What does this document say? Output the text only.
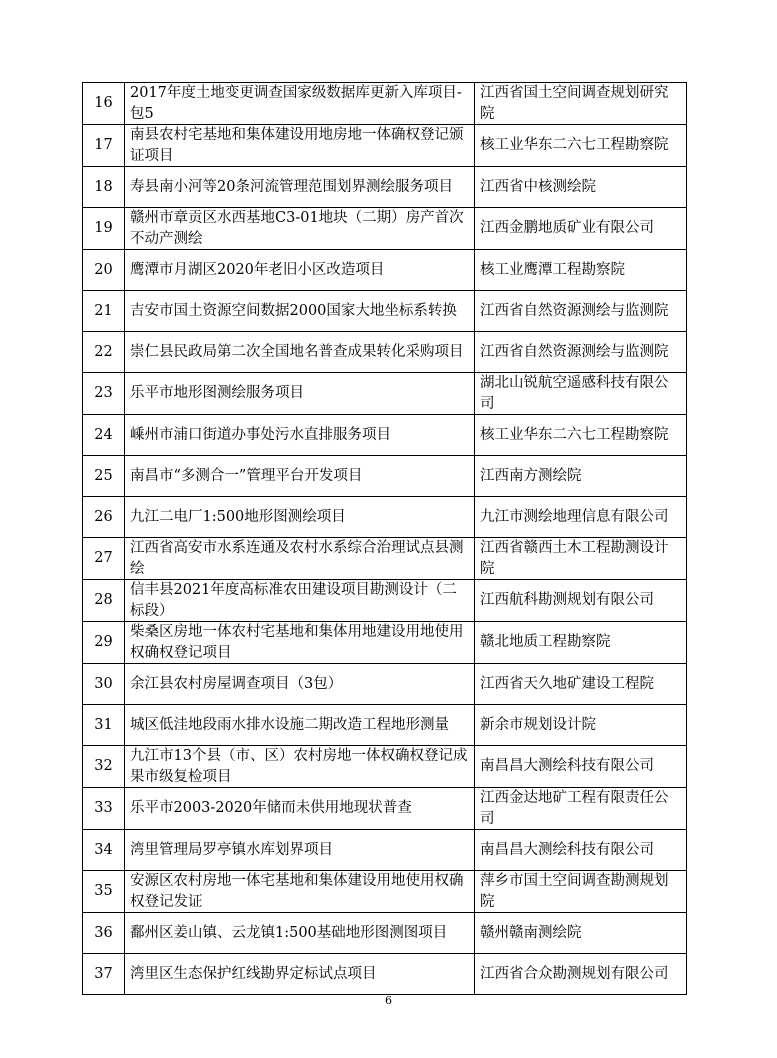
16	2017年度土地变更调查国家级数据库更新入库项目-包5	江西省国土空间调查规划研究院
17	南县农村宅基地和集体建设用地房地一体确权登记颁证项目	核工业华东二六七工程勘察院
18	寿县南小河等20条河流管理范围划界测绘服务项目	江西省中核测绘院
19	赣州市章贡区水西基地C3-01地块（二期）房产首次不动产测绘	江西金鹏地质矿业有限公司
20	鹰潭市月湖区2020年老旧小区改造项目	核工业鹰潭工程勘察院
21	吉安市国土资源空间数据2000国家大地坐标系转换	江西省自然资源测绘与监测院
22	崇仁县民政局第二次全国地名普查成果转化采购项目	江西省自然资源测绘与监测院
23	乐平市地形图测绘服务项目	湖北山锐航空遥感科技有限公司
24	嵊州市浦口街道办事处污水直排服务项目	核工业华东二六七工程勘察院
25	南昌市“多测合一”管理平台开发项目	江西南方测绘院
26	九江二电厂1:500地形图测绘项目	九江市测绘地理信息有限公司
27	江西省高安市水系连通及农村水系综合治理试点县测绘	江西省赣西土木工程勘测设计院
28	信丰县2021年度高标准农田建设项目勘测设计（二标段）	江西航科勘测规划有限公司
29	柴桑区房地一体农村宅基地和集体用地建设用地使用权确权登记项目	赣北地质工程勘察院
30	余江县农村房屋调查项目（3包）	江西省天久地矿建设工程院
31	城区低洼地段雨水排水设施二期改造工程地形测量	新余市规划设计院
32	九江市13个县（市、区）农村房地一体权确权登记成果市级复检项目	南昌昌大测绘科技有限公司
33	乐平市2003-2020年储而未供用地现状普查	江西金达地矿工程有限责任公司
34	湾里管理局罗亭镇水库划界项目	南昌昌大测绘科技有限公司
35	安源区农村房地一体宅基地和集体建设用地使用权确权登记发证	萍乡市国土空间调查勘测规划院
36	鄱州区姜山镇、云龙镇1:500基础地形图测图项目	赣州赣南测绘院
37	湾里区生态保护红线勘界定标试点项目	江西省合众勘测规划有限公司
6
